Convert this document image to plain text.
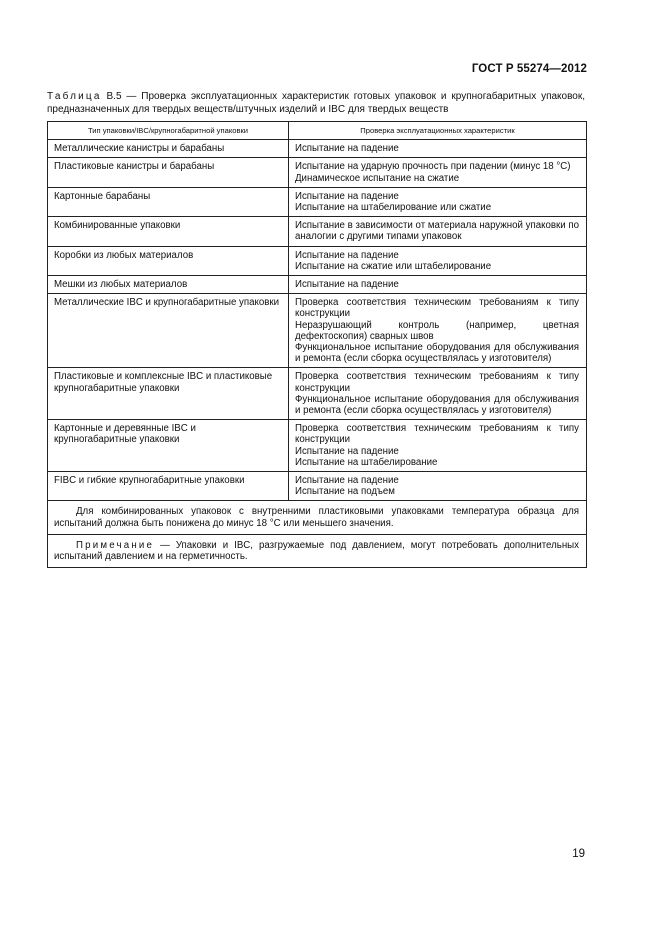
ГОСТ Р 55274—2012
Таблица В.5 — Проверка эксплуатационных характеристик готовых упаковок и крупногабаритных упаковок, предназначенных для твердых веществ/штучных изделий и IBC для твердых веществ
Тип упаковки/IBC/крупногабаритной упаковки	Проверка эксплуатационных характеристик
Металлические канистры и барабаны	Испытание на падение

Пластиковые канистры и барабаны	Испытание на ударную прочность при падении (минус 18 °С)
Динамическое испытание на сжатие

Картонные барабаны	Испытание на падение
Испытание на штабелирование или сжатие

Комбинированные упаковки	Испытание в зависимости от материала наружной упаковки по аналогии с другими типами упаковок

Коробки из любых материалов	Испытание на падение
Испытание на сжатие или штабелирование

Мешки из любых материалов	Испытание на падение

Металлические IBC и крупногабаритные упаковки	Проверка соответствия техническим требованиям к типу конструкции
Неразрушающий контроль (например, цветная дефектоскопия) сварных швов
Функциональное испытание оборудования для обслуживания и ремонта (если сборка осуществлялась у изготовителя)

Пластиковые и комплексные IBC и пластиковые крупногабаритные упаковки	Проверка соответствия техническим требованиям к типу конструкции
Функциональное испытание оборудования для обслуживания и ремонта (если сборка осуществлялась у изготовителя)

Картонные и деревянные IBC и крупногабаритные упаковки	Проверка соответствия техническим требованиям к типу конструкции
Испытание на падение
Испытание на штабелирование

FIBC и гибкие крупногабаритные упаковки	Испытание на падение
Испытание на подъем

Для комбинированных упаковок с внутренними пластиковыми упаковками температура образца для испытаний должна быть понижена до минус 18 °С или меньшего значения.	

Примечание — Упаковки и IBC, разгружаемые под давлением, могут потребовать дополнительных испытаний давлением и на герметичность.	
19
